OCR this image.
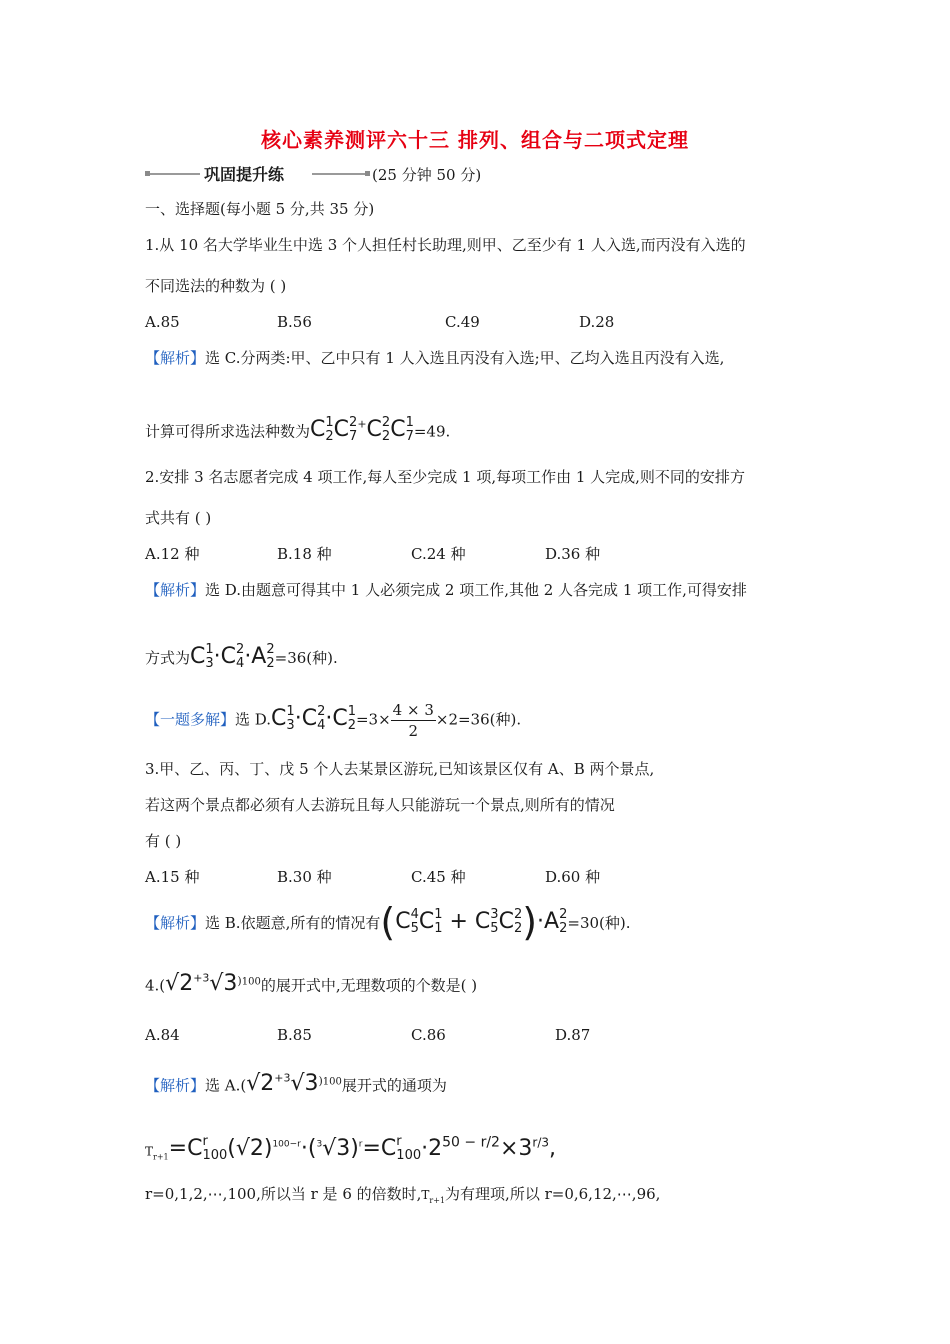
核心素养测评六十三 排列、组合与二项式定理
巩固提升练	(25 分钟 50 分)
一、选择题(每小题 5 分,共 35 分)
1.从 10 名大学毕业生中选 3 个人担任村长助理,则甲、乙至少有 1 人入选,而丙没有入选的
不同选法的种数为 ( )
A.85	B.56	C.49	D.28
【解析】选 C.分两类:甲、乙中只有 1 人入选且丙没有入选;甲、乙均入选且丙没有入选,
计算可得所求选法种数为C 1
2 C 2
7
+C 2
2 C 1
7 =49.
2.安排 3 名志愿者完成 4 项工作,每人至少完成 1 项,每项工作由 1 人完成,则不同的安排方
式共有 ( )
A.12 种	B.18 种	C.24 种	D.36 种
【解析】选 D.由题意可得其中 1 人必须完成 2 项工作,其他 2 人各完成 1 项工作,可得安排
方式为C 1
3 ·C 2
4 ·A 2
2 =36(种).
【一题多解】选 D.C 1
3 ·C 2
4 ·C 1
$2 =3\times \frac{4 \times 3}{2} \times 2=36$(种).
3.甲、乙、丙、丁、戊 5 个人去某景区游玩,已知该景区仅有 A、B 两个景点,
若这两个景点都必须有人去游玩且每人只能游玩一个景点,则所有的情况
有 ( )
A.15 种	B.30 种	C.45 种	D.60 种
【解析】选 B.依题意,所有的情况有(C 4
5 C 1
1 + C 3
5 C 2
2 )·A 2
2 =30(种).
$4.(√2^{+3}√3^{)100}$的展开式中,无理数项的个数是( )
A.84	B.85	C.86	D.87
【解析】选 $A.(√2^{+3}√3^{)100}$展开式的通项为
$T_{r+1}=C$ r
100 $(√2)^{100-r}\cdot(^3√3)^r=C$ r
$100 \cdot 2^{50 - r/2}\times 3^{r/3}$,
r=0,1,2,⋯,100,所以当 r 是 6 的倍数时$,T_{r+1}$为有理项,所以 r=0,6,12,⋯,96,
